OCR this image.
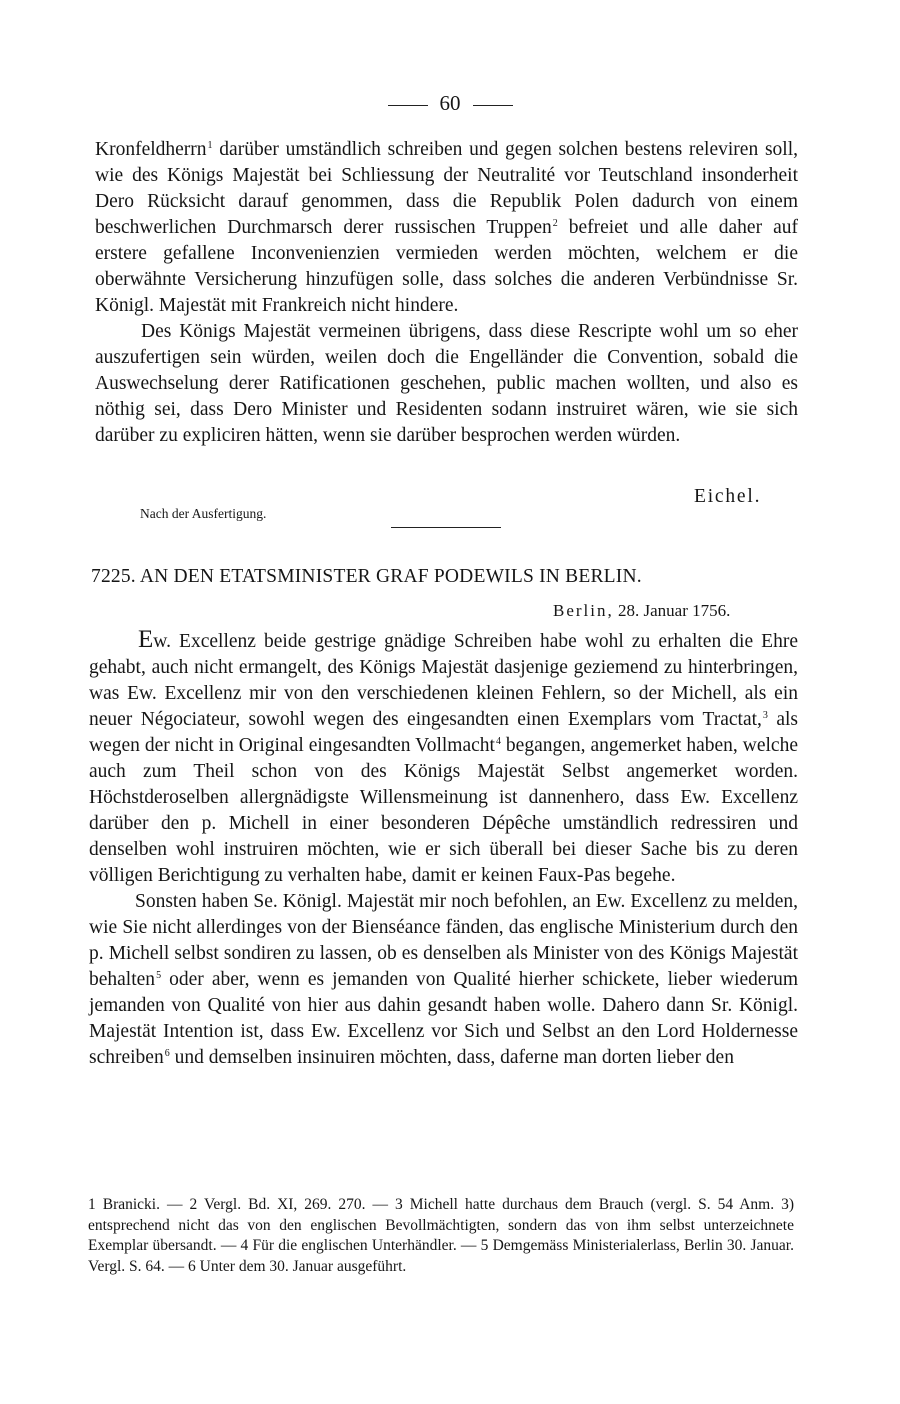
60

Kronfeldherrn$^1$ darüber umständlich schreiben und gegen solchen bestens releviren soll, wie des Königs Majestät bei Schliessung der Neutralité vor Teutschland insonderheit Dero Rücksicht darauf genommen, dass die Republik Polen dadurch von einem beschwerlichen Durchmarsch derer russischen Truppen$^2$ befreiet und alle daher auf erstere gefallene Inconvenienzien vermieden werden möchten, welchem er die oberwähnte Versicherung hinzufügen solle, dass solches die anderen Verbündnisse Sr. Königl. Majestät mit Frankreich nicht hindere.

Des Königs Majestät vermeinen übrigens, dass diese Rescripte wohl um so eher auszufertigen sein würden, weilen doch die Engelländer die Convention, sobald die Auswechselung derer Ratificationen geschehen, public machen wollten, und also es nöthig sei, dass Dero Minister und Residenten sodann instruiret wären, wie sie sich darüber zu expliciren hätten, wenn sie darüber besprochen werden würden.

Eichel.
Nach der Ausfertigung.
7225. AN DEN ETATSMINISTER GRAF PODEWILS IN BERLIN.
Berlin, 28. Januar 1756.

Ew. Excellenz beide gestrige gnädige Schreiben habe wohl zu erhalten die Ehre gehabt, auch nicht ermangelt, des Königs Majestät dasjenige geziemend zu hinterbringen, was Ew. Excellenz mir von den verschiedenen kleinen Fehlern, so der Michell, als ein neuer Négociateur, sowohl wegen des eingesandten einen Exemplars vom Tractat,$^3$ als wegen der nicht in Original eingesandten Vollmacht$^4$ begangen, angemerket haben, welche auch zum Theil schon von des Königs Majestät Selbst angemerket worden. Höchstderoselben allergnädigste Willensmeinung ist dannenhero, dass Ew. Excellenz darüber den p. Michell in einer besonderen Dépêche umständlich redressiren und denselben wohl instruiren möchten, wie er sich überall bei dieser Sache bis zu deren völligen Berichtigung zu verhalten habe, damit er keinen Faux-Pas begehe.

Sonsten haben Se. Königl. Majestät mir noch befohlen, an Ew. Excellenz zu melden, wie Sie nicht allerdinges von der Bienséance fänden, das englische Ministerium durch den p. Michell selbst sondiren zu lassen, ob es denselben als Minister von des Königs Majestät behalten$^5$ oder aber, wenn es jemanden von Qualité hierher schickete, lieber wiederum jemanden von Qualité von hier aus dahin gesandt haben wolle. Dahero dann Sr. Königl. Majestät Intention ist, dass Ew. Excellenz vor Sich und Selbst an den Lord Holdernesse schreiben$^6$ und demselben insinuiren möchten, dass, daferne man dorten lieber den

1 Branicki. — 2 Vergl. Bd. XI, 269. 270. — 3 Michell hatte durchaus dem Brauch (vergl. S. 54 Anm. 3) entsprechend nicht das von den englischen Bevollmächtigten, sondern das von ihm selbst unterzeichnete Exemplar übersandt. — 4 Für die englischen Unterhändler. — 5 Demgemäss Ministerialerlass, Berlin 30. Januar. Vergl. S. 64. — 6 Unter dem 30. Januar ausgeführt.
